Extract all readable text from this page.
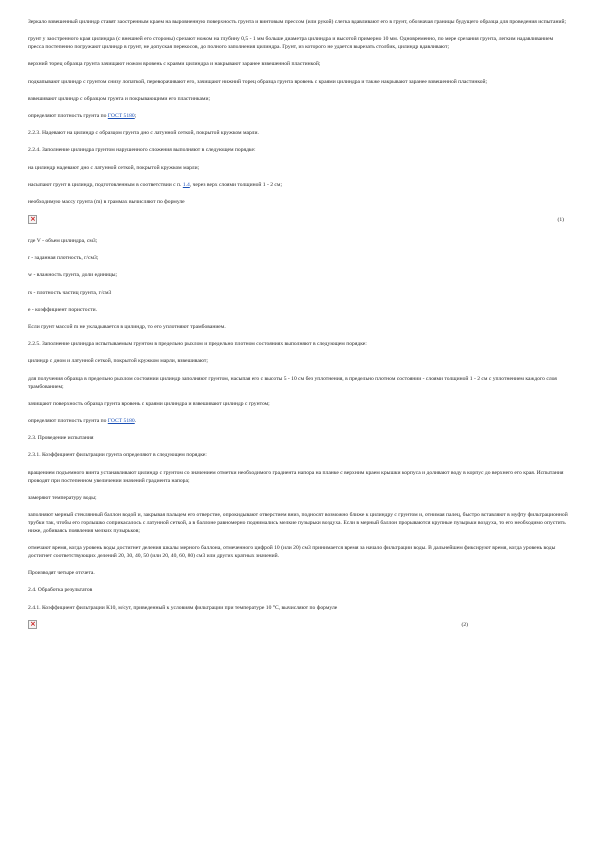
Зеркало взвешенный цилиндр ставят заостренным краем на выровненную поверхность грунта и винтовым прессом (или рукой) слегка вдавливают его в грунт, обозначая границы будущего образца для проведения испытаний;

грунт у заостренного края цилиндра (с внешней его стороны) срезают ножом на глубину 0,5 - 1 мм больше диаметра цилиндра и высотой примерно 10 мм. Одновременно, по мере срезания грунта, легким надавливанием пресса постепенно погружают цилиндр в грунт, не допуская перекосов, до полного заполнения цилиндра. Грунт, из которого не удается вырезать столбик, цилиндр вдавливают;

верхний торец образца грунта зачищают ножом вровень с краями цилиндра и накрывают заранее взвешенной пластинкой;

подкапывают цилиндр с грунтом снизу лопаткой, переворачивают его, зачищают нижний торец образца грунта вровень с краями цилиндра и также накрывают заранее взвешенной пластинкой;

взвешивают цилиндр с образцом грунта и покрывающими его пластинками;

определяют плотность грунта по ГОСТ 5180;

2.2.3. Надевают на цилиндр с образцом грунта дно с латунной сеткой, покрытой кружком марли.

2.2.4. Заполнение цилиндра грунтом нарушенного сложения выполняют в следующем порядке:

на цилиндр надевают дно с латунной сеткой, покрытой кружком марли;

насыпают грунт в цилиндр, подготовленным в соответствии с п. 1.4, через верх слоями толщиной 1 - 2 см;

необходимую массу грунта (m) в граммах вычисляют по формуле

×	(1)

где V - объем цилиндра, см3;

r - заданная плотность, г/см3;

w - влажность грунта, доли единицы;

rs - плотность частиц грунта, г/см3

e - коэффициент пористости.

Если грунт массой m не укладывается в цилиндр, то его уплотняют трамбованием.

2.2.5. Заполнение цилиндра испытываемым грунтом в предельно рыхлом и предельно плотном состояниях выполняют в следующем порядке:

цилиндр с дном и латунной сеткой, покрытой кружком марли, взвешивают;

для получения образца в предельно рыхлом состоянии цилиндр заполняют грунтом, насыпая его с высоты 5 - 10 см без уплотнения, в предельно плотном состоянии - слоями толщиной 1 - 2 см с уплотнением каждого слоя трамбованием;

зачищают поверхность образца грунта вровень с краями цилиндра и взвешивают цилиндр с грунтом;

определяют плотность грунта по ГОСТ 5180.

2.3. Проведение испытания

2.3.1. Коэффициент фильтрации грунта определяют в следующем порядке:

вращением подъемного винта устанавливают цилиндр с грунтом со значением отметки необходимого градиента напора на планке с верхним краем крышки корпуса и доливают воду в корпус до верхнего его края. Испытания проводят при постепенном увеличении значений градиента напора;

замеряют температуру воды;

заполняют мерный стеклянный баллон водой и, закрывая пальцем его отверстие, опрокидывают отверстием вниз, подносят возможно ближе к цилиндру с грунтом и, отнимая палец, быстро вставляют в муфту фильтрационной трубки так, чтобы его горлышко соприкасалось с латунной сеткой, а в баллоне равномерно поднимались мелкие пузырьки воздуха. Если в мерный баллон прорываются крупные пузырьки воздуха, то его необходимо опустить ниже, добиваясь появления мелких пузырьков;

отмечают время, когда уровень воды достигнет деления шкалы мерного баллона, отмеченного цифрой 10 (или 20) см3 принимается время за начало фильтрации воды. В дальнейшем фиксируют время, когда уровень воды достигнет соответствующих делений 20, 30, 40, 50 (или 20, 40, 60, 80) см3 или других кратных значений.

Производят четыре отсчета.

2.4. Обработка результатов

2.4.1. Коэффициент фильтрации К10, м/сут, приведенный к условиям фильтрации при температуре 10 °С, вычисляют по формуле

×	(2)
